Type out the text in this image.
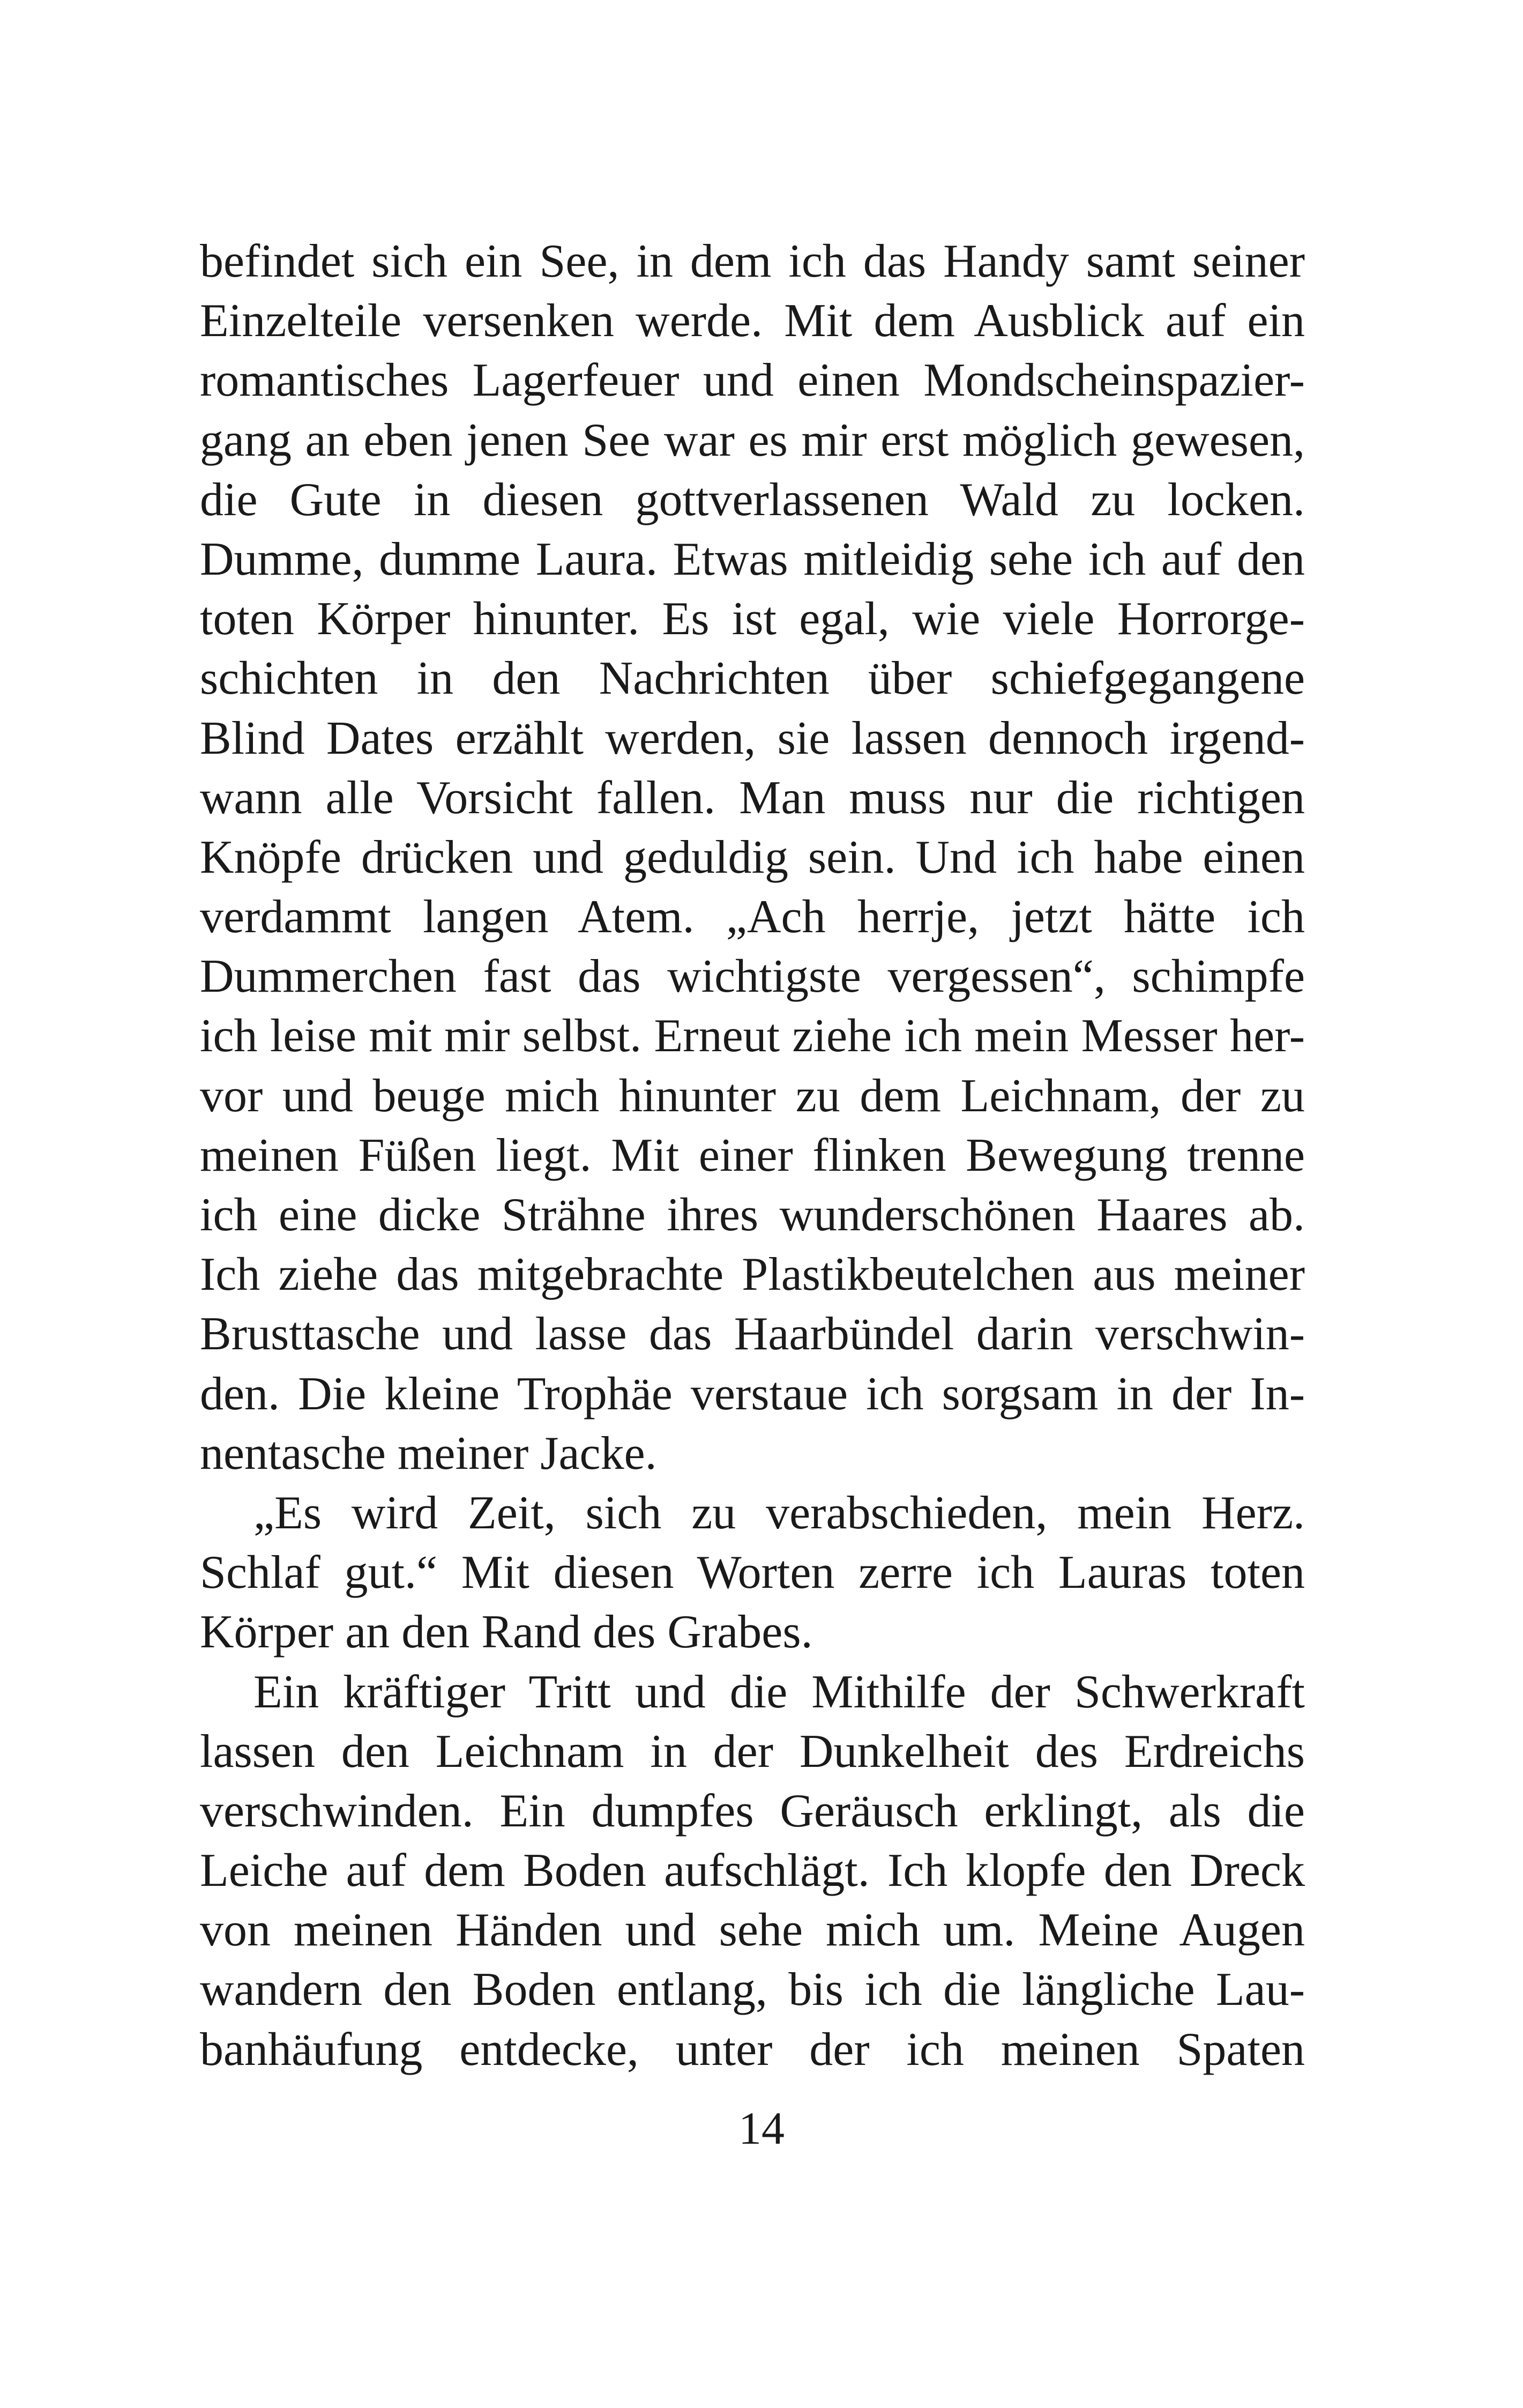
befindet sich ein See, in dem ich das Handy samt seiner
Einzelteile versenken werde. Mit dem Ausblick auf ein
romantisches Lagerfeuer und einen Mondscheinspazier-
gang an eben jenen See war es mir erst möglich gewesen,
die Gute in diesen gottverlassenen Wald zu locken.
Dumme, dumme Laura. Etwas mitleidig sehe ich auf den
toten Körper hinunter. Es ist egal, wie viele Horrorge-
schichten in den Nachrichten über schiefgegangene
Blind Dates erzählt werden, sie lassen dennoch irgend-
wann alle Vorsicht fallen. Man muss nur die richtigen
Knöpfe drücken und geduldig sein. Und ich habe einen
verdammt langen Atem. „Ach herrje, jetzt hätte ich
Dummerchen fast das wichtigste vergessen“, schimpfe
ich leise mit mir selbst. Erneut ziehe ich mein Messer her-
vor und beuge mich hinunter zu dem Leichnam, der zu
meinen Füßen liegt. Mit einer flinken Bewegung trenne
ich eine dicke Strähne ihres wunderschönen Haares ab.
Ich ziehe das mitgebrachte Plastikbeutelchen aus meiner
Brusttasche und lasse das Haarbündel darin verschwin-
den. Die kleine Trophäe verstaue ich sorgsam in der In-
nentasche meiner Jacke.
„Es wird Zeit, sich zu verabschieden, mein Herz.
Schlaf gut.“ Mit diesen Worten zerre ich Lauras toten
Körper an den Rand des Grabes.
Ein kräftiger Tritt und die Mithilfe der Schwerkraft
lassen den Leichnam in der Dunkelheit des Erdreichs
verschwinden. Ein dumpfes Geräusch erklingt, als die
Leiche auf dem Boden aufschlägt. Ich klopfe den Dreck
von meinen Händen und sehe mich um. Meine Augen
wandern den Boden entlang, bis ich die längliche Lau-
banhäufung entdecke, unter der ich meinen Spaten
14
